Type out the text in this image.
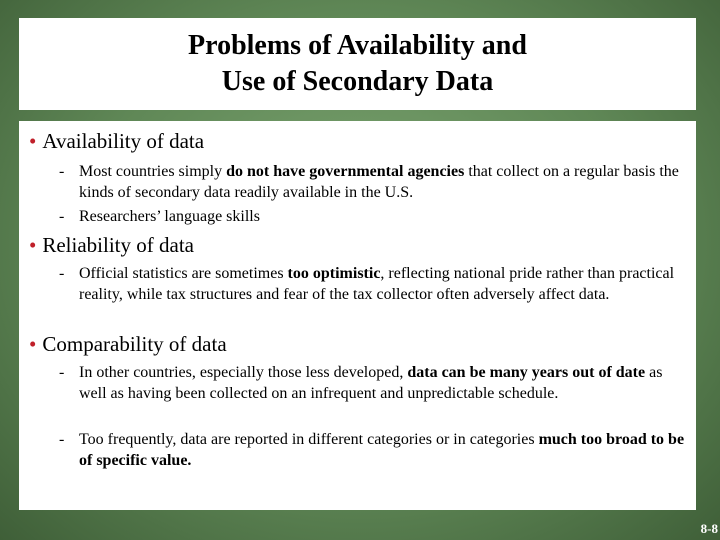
Problems of Availability and
Use of Secondary Data
• Availability of data
- Most countries simply do not have governmental agencies that collect on a regular basis the kinds of secondary data readily available in the U.S.
- Researchers’ language skills
• Reliability of data
- Official statistics are sometimes too optimistic, reflecting national pride rather than practical reality, while tax structures and fear of the tax collector often adversely affect data.
• Comparability of data
- In other countries, especially those less developed, data can be many years out of date as well as having been collected on an infrequent and unpredictable schedule.
- Too frequently, data are reported in different categories or in categories much too broad to be of specific value.
8-8
